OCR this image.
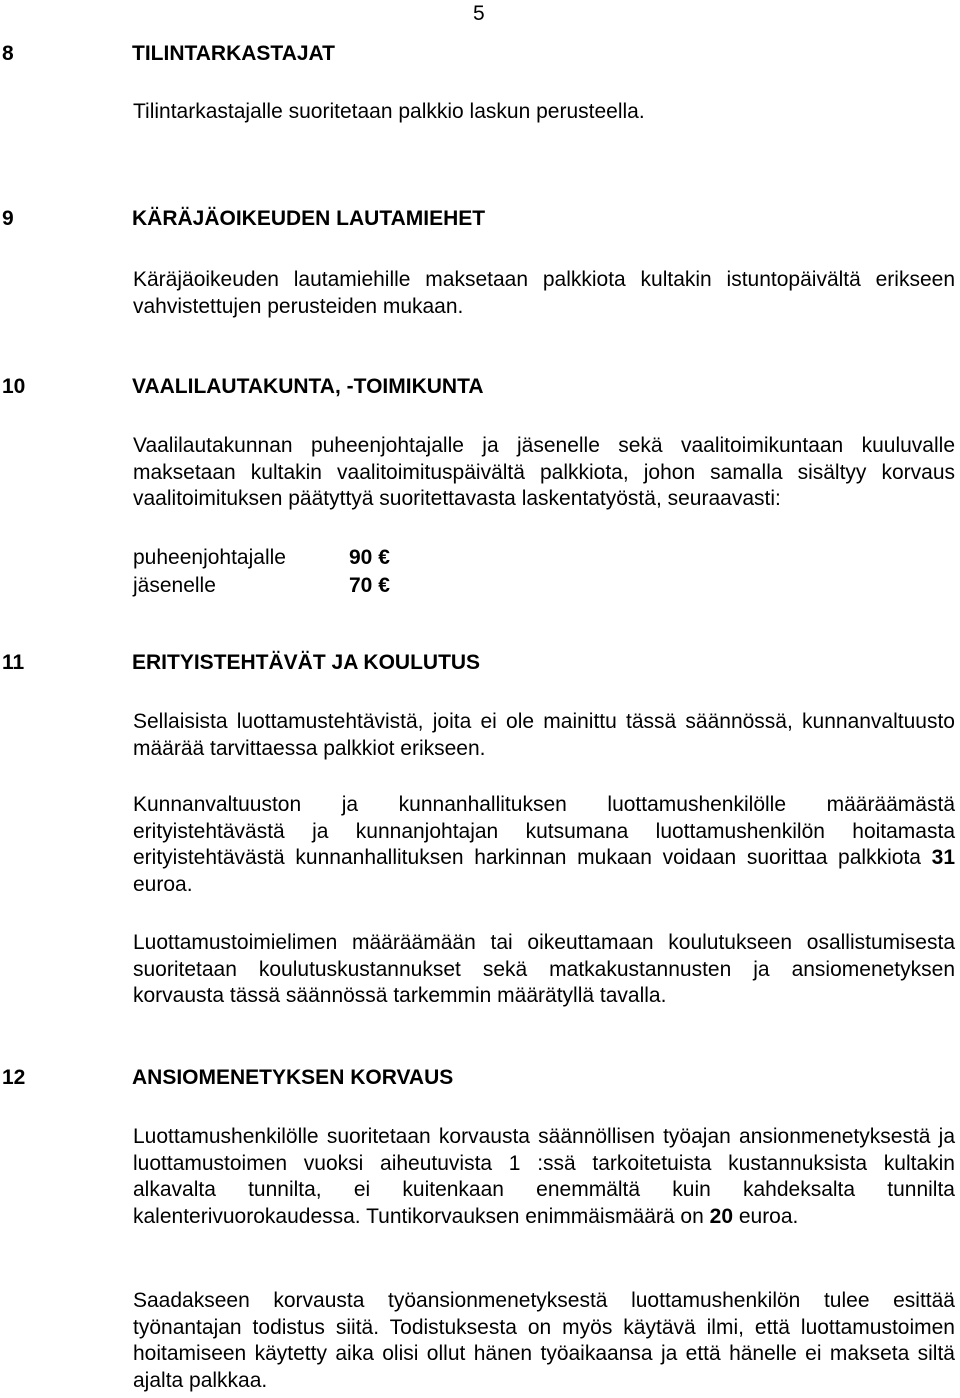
5
8	TILINTARKASTAJAT
Tilintarkastajalle suoritetaan palkkio laskun perusteella.
9	KÄRÄJÄOIKEUDEN LAUTAMIEHET
Käräjäoikeuden lautamiehille maksetaan palkkiota kultakin istuntopäivältä erikseen vahvistettujen perusteiden mukaan.
10	VAALILAUTAKUNTA, -TOIMIKUNTA
Vaalilautakunnan puheenjohtajalle ja jäsenelle sekä vaalitoimikuntaan kuuluvalle maksetaan kultakin vaalitoimituspäivältä palkkiota, johon samalla sisältyy korvaus vaalitoimituksen päätyttyä suoritettavasta laskentatyöstä, seuraavasti:
puheenjohtajalle	90 €
jäsenelle	70 €
11	ERITYISTEHTÄVÄT JA KOULUTUS
Sellaisista luottamustehtävistä, joita ei ole mainittu tässä säännössä, kunnanvaltuusto määrää tarvittaessa palkkiot erikseen.
Kunnanvaltuuston ja kunnanhallituksen luottamushenkilölle määräämästä erityistehtävästä ja kunnanjohtajan kutsumana luottamushenkilön hoitamasta erityistehtävästä kunnanhallituksen harkinnan mukaan voidaan suorittaa palkkiota 31 euroa.
Luottamustoimielimen määräämään tai oikeuttamaan koulutukseen osallistumisesta suoritetaan koulutuskustannukset sekä matkakustannusten ja ansiomenetyksen korvausta tässä säännössä tarkemmin määrätyllä tavalla.
12	ANSIOMENETYKSEN KORVAUS
Luottamushenkilölle suoritetaan korvausta säännöllisen työajan ansionmenetyksestä ja luottamustoimen vuoksi aiheutuvista 1 :ssä tarkoitetuista kustannuksista kultakin alkavalta tunnilta, ei kuitenkaan enemmältä kuin kahdeksalta tunnilta kalenterivuorokaudessa. Tuntikorvauksen enimmäismäärä on 20 euroa.
Saadakseen korvausta työansionmenetyksestä luottamushenkilön tulee esittää työnantajan todistus siitä. Todistuksesta on myös käytävä ilmi, että luottamustoimen hoitamiseen käytetty aika olisi ollut hänen työaikaansa ja että hänelle ei makseta siltä ajalta palkkaa.
